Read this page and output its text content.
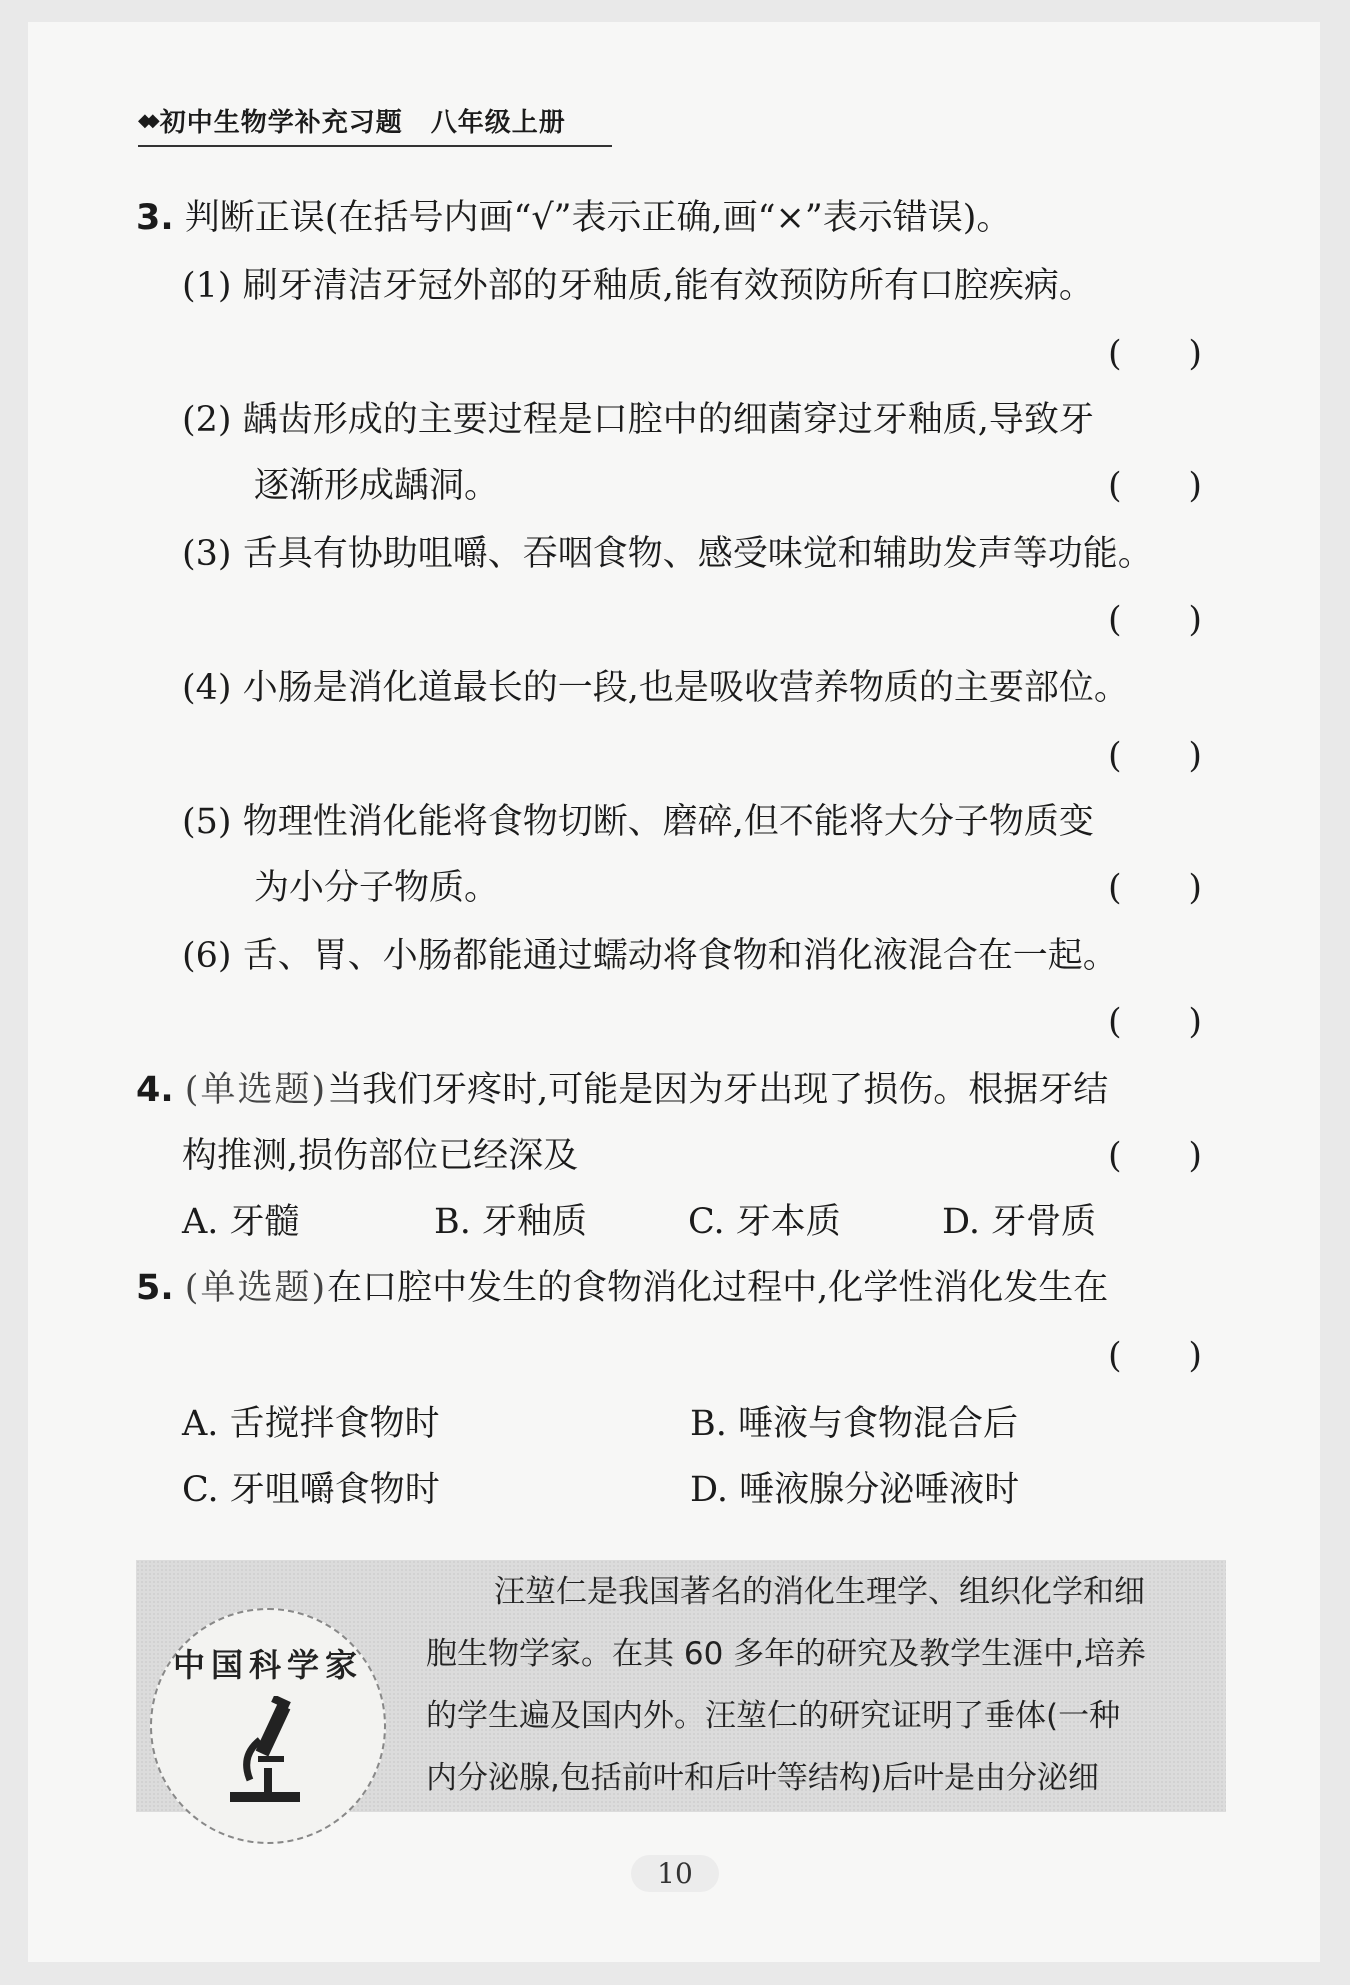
◆◆ 初中生物学补充习题 八年级上册
3. 判断正误(在括号内画“√”表示正确,画“×”表示错误)。
(1) 刷牙清洁牙冠外部的牙釉质,能有效预防所有口腔疾病。
(      )
(2) 龋齿形成的主要过程是口腔中的细菌穿过牙釉质,导致牙
逐渐形成龋洞。	(      )
(3) 舌具有协助咀嚼、吞咽食物、感受味觉和辅助发声等功能。
(      )
(4) 小肠是消化道最长的一段,也是吸收营养物质的主要部位。
(      )
(5) 物理性消化能将食物切断、磨碎,但不能将大分子物质变
为小分子物质。	(      )
(6) 舌、胃、小肠都能通过蠕动将食物和消化液混合在一起。
(      )
4. (单选题)当我们牙疼时,可能是因为牙出现了损伤。根据牙结
构推测,损伤部位已经深及	(      )
A. 牙髓	B. 牙釉质	C. 牙本质	D. 牙骨质
5. (单选题)在口腔中发生的食物消化过程中,化学性消化发生在
(      )
A. 舌搅拌食物时	B. 唾液与食物混合后
C. 牙咀嚼食物时	D. 唾液腺分泌唾液时
中国科学家
汪堃仁是我国著名的消化生理学、组织化学和细
胞生物学家。在其 60 多年的研究及教学生涯中,培养
的学生遍及国内外。汪堃仁的研究证明了垂体(一种
内分泌腺,包括前叶和后叶等结构)后叶是由分泌细
10
